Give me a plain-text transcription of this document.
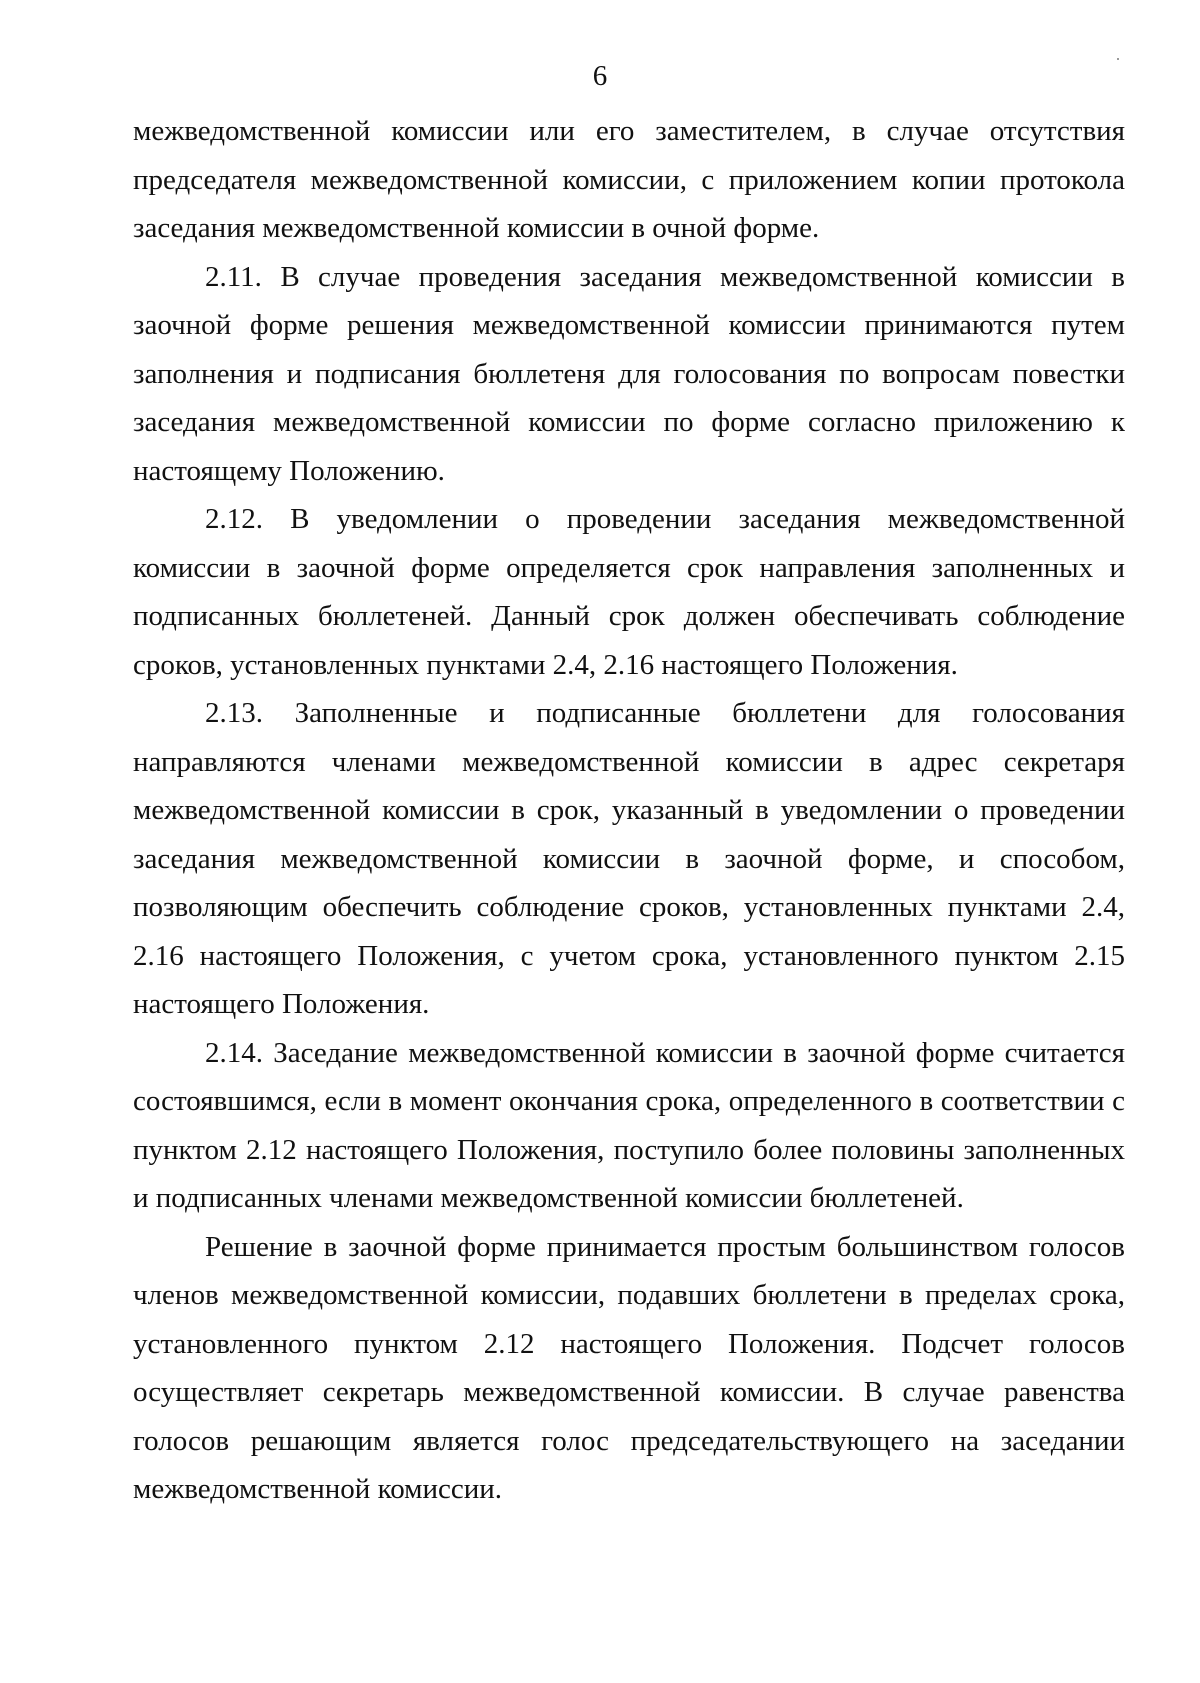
6

межведомственной комиссии или его заместителем, в случае отсутствия председателя межведомственной комиссии, с приложением копии протокола заседания межведомственной комиссии в очной форме.

2.11. В случае проведения заседания межведомственной комиссии в заочной форме решения межведомственной комиссии принимаются путем заполнения и подписания бюллетеня для голосования по вопросам повестки заседания межведомственной комиссии по форме согласно приложению к настоящему Положению.

2.12. В уведомлении о проведении заседания межведомственной комиссии в заочной форме определяется срок направления заполненных и подписанных бюллетеней. Данный срок должен обеспечивать соблюдение сроков, установленных пунктами 2.4, 2.16 настоящего Положения.

2.13. Заполненные и подписанные бюллетени для голосования направляются членами межведомственной комиссии в адрес секретаря межведомственной комиссии в срок, указанный в уведомлении о проведении заседания межведомственной комиссии в заочной форме, и способом, позволяющим обеспечить соблюдение сроков, установленных пунктами 2.4, 2.16 настоящего Положения, с учетом срока, установленного пунктом 2.15 настоящего Положения.

2.14. Заседание межведомственной комиссии в заочной форме считается состоявшимся, если в момент окончания срока, определенного в соответствии с пунктом 2.12 настоящего Положения, поступило более половины заполненных и подписанных членами межведомственной комиссии бюллетеней.

Решение в заочной форме принимается простым большинством голосов членов межведомственной комиссии, подавших бюллетени в пределах срока, установленного пунктом 2.12 настоящего Положения. Подсчет голосов осуществляет секретарь межведомственной комиссии. В случае равенства голосов решающим является голос председательствующего на заседании межведомственной комиссии.
